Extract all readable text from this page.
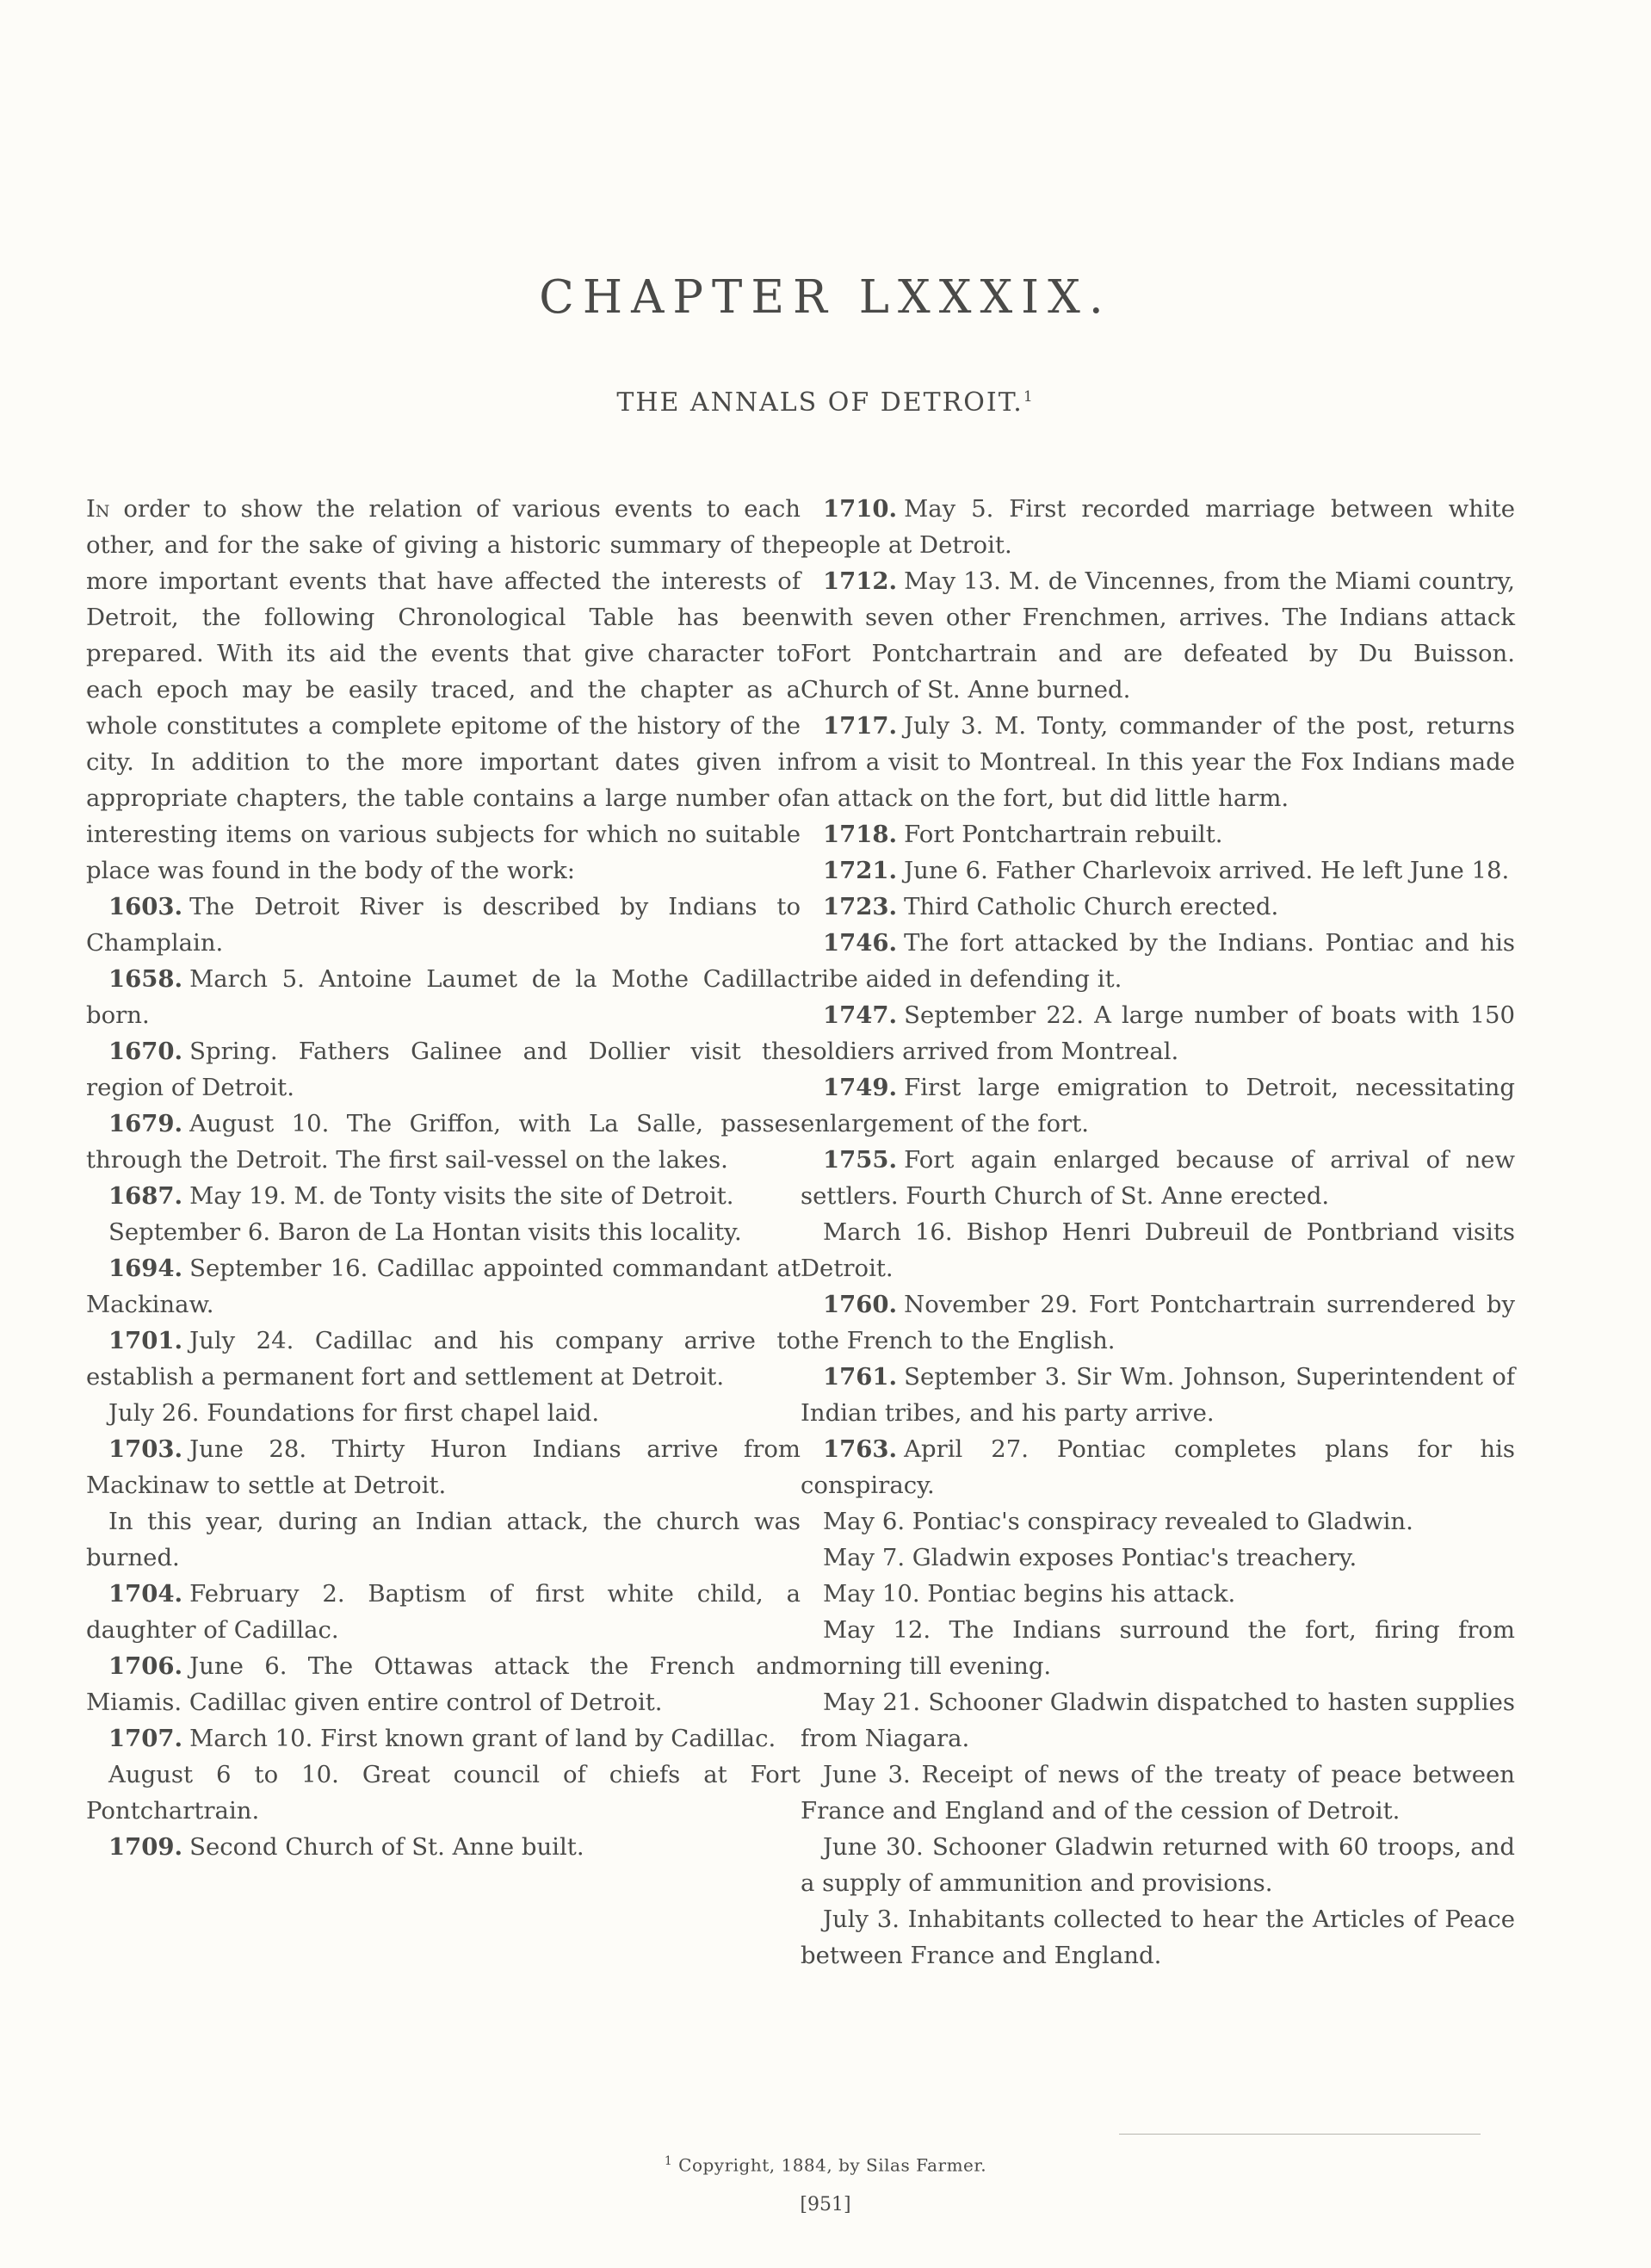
CHAPTER LXXXIX.
THE ANNALS OF DETROIT.$^1$

In order to show the relation of various events to each other, and for the sake of giving a historic summary of the more important events that have affected the interests of Detroit, the following Chronological Table has been prepared. With its aid the events that give character to each epoch may be easily traced, and the chapter as a whole constitutes a complete epitome of the history of the city. In addition to the more important dates given in appropriate chapters, the table contains a large number of interesting items on various subjects for which no suitable place was found in the body of the work:

1603. The Detroit River is described by Indians to Champlain.

1658. March 5. Antoine Laumet de la Mothe Cadillac born.

1670. Spring. Fathers Galinee and Dollier visit the region of Detroit.

1679. August 10. The Griffon, with La Salle, passes through the Detroit. The first sail-vessel on the lakes.

1687. May 19. M. de Tonty visits the site of Detroit.

September 6. Baron de La Hontan visits this locality.

1694. September 16. Cadillac appointed commandant at Mackinaw.

1701. July 24. Cadillac and his company arrive to establish a permanent fort and settlement at Detroit.

July 26. Foundations for first chapel laid.

1703. June 28. Thirty Huron Indians arrive from Mackinaw to settle at Detroit.

In this year, during an Indian attack, the church was burned.

1704. February 2. Baptism of first white child, a daughter of Cadillac.

1706. June 6. The Ottawas attack the French and Miamis. Cadillac given entire control of Detroit.

1707. March 10. First known grant of land by Cadillac.

August 6 to 10. Great council of chiefs at Fort Pontchartrain.

1709. Second Church of St. Anne built.

1710. May 5. First recorded marriage between white people at Detroit.

1712. May 13. M. de Vincennes, from the Miami country, with seven other Frenchmen, arrives. The Indians attack Fort Pontchartrain and are defeated by Du Buisson. Church of St. Anne burned.

1717. July 3. M. Tonty, commander of the post, returns from a visit to Montreal. In this year the Fox Indians made an attack on the fort, but did little harm.

1718. Fort Pontchartrain rebuilt.

1721. June 6. Father Charlevoix arrived. He left June 18.

1723. Third Catholic Church erected.

1746. The fort attacked by the Indians. Pontiac and his tribe aided in defending it.

1747. September 22. A large number of boats with 150 soldiers arrived from Montreal.

1749. First large emigration to Detroit, necessitating enlargement of the fort.

1755. Fort again enlarged because of arrival of new settlers. Fourth Church of St. Anne erected.

March 16. Bishop Henri Dubreuil de Pontbriand visits Detroit.

1760. November 29. Fort Pontchartrain surrendered by the French to the English.

1761. September 3. Sir Wm. Johnson, Superintendent of Indian tribes, and his party arrive.

1763. April 27. Pontiac completes plans for his conspiracy.

May 6. Pontiac's conspiracy revealed to Gladwin.

May 7. Gladwin exposes Pontiac's treachery.

May 10. Pontiac begins his attack.

May 12. The Indians surround the fort, firing from morning till evening.

May 21. Schooner Gladwin dispatched to hasten supplies from Niagara.

June 3. Receipt of news of the treaty of peace between France and England and of the cession of Detroit.

June 30. Schooner Gladwin returned with 60 troops, and a supply of ammunition and provisions.

July 3. Inhabitants collected to hear the Articles of Peace between France and England.

$^1$ Copyright, 1884, by Silas Farmer.
[951]
